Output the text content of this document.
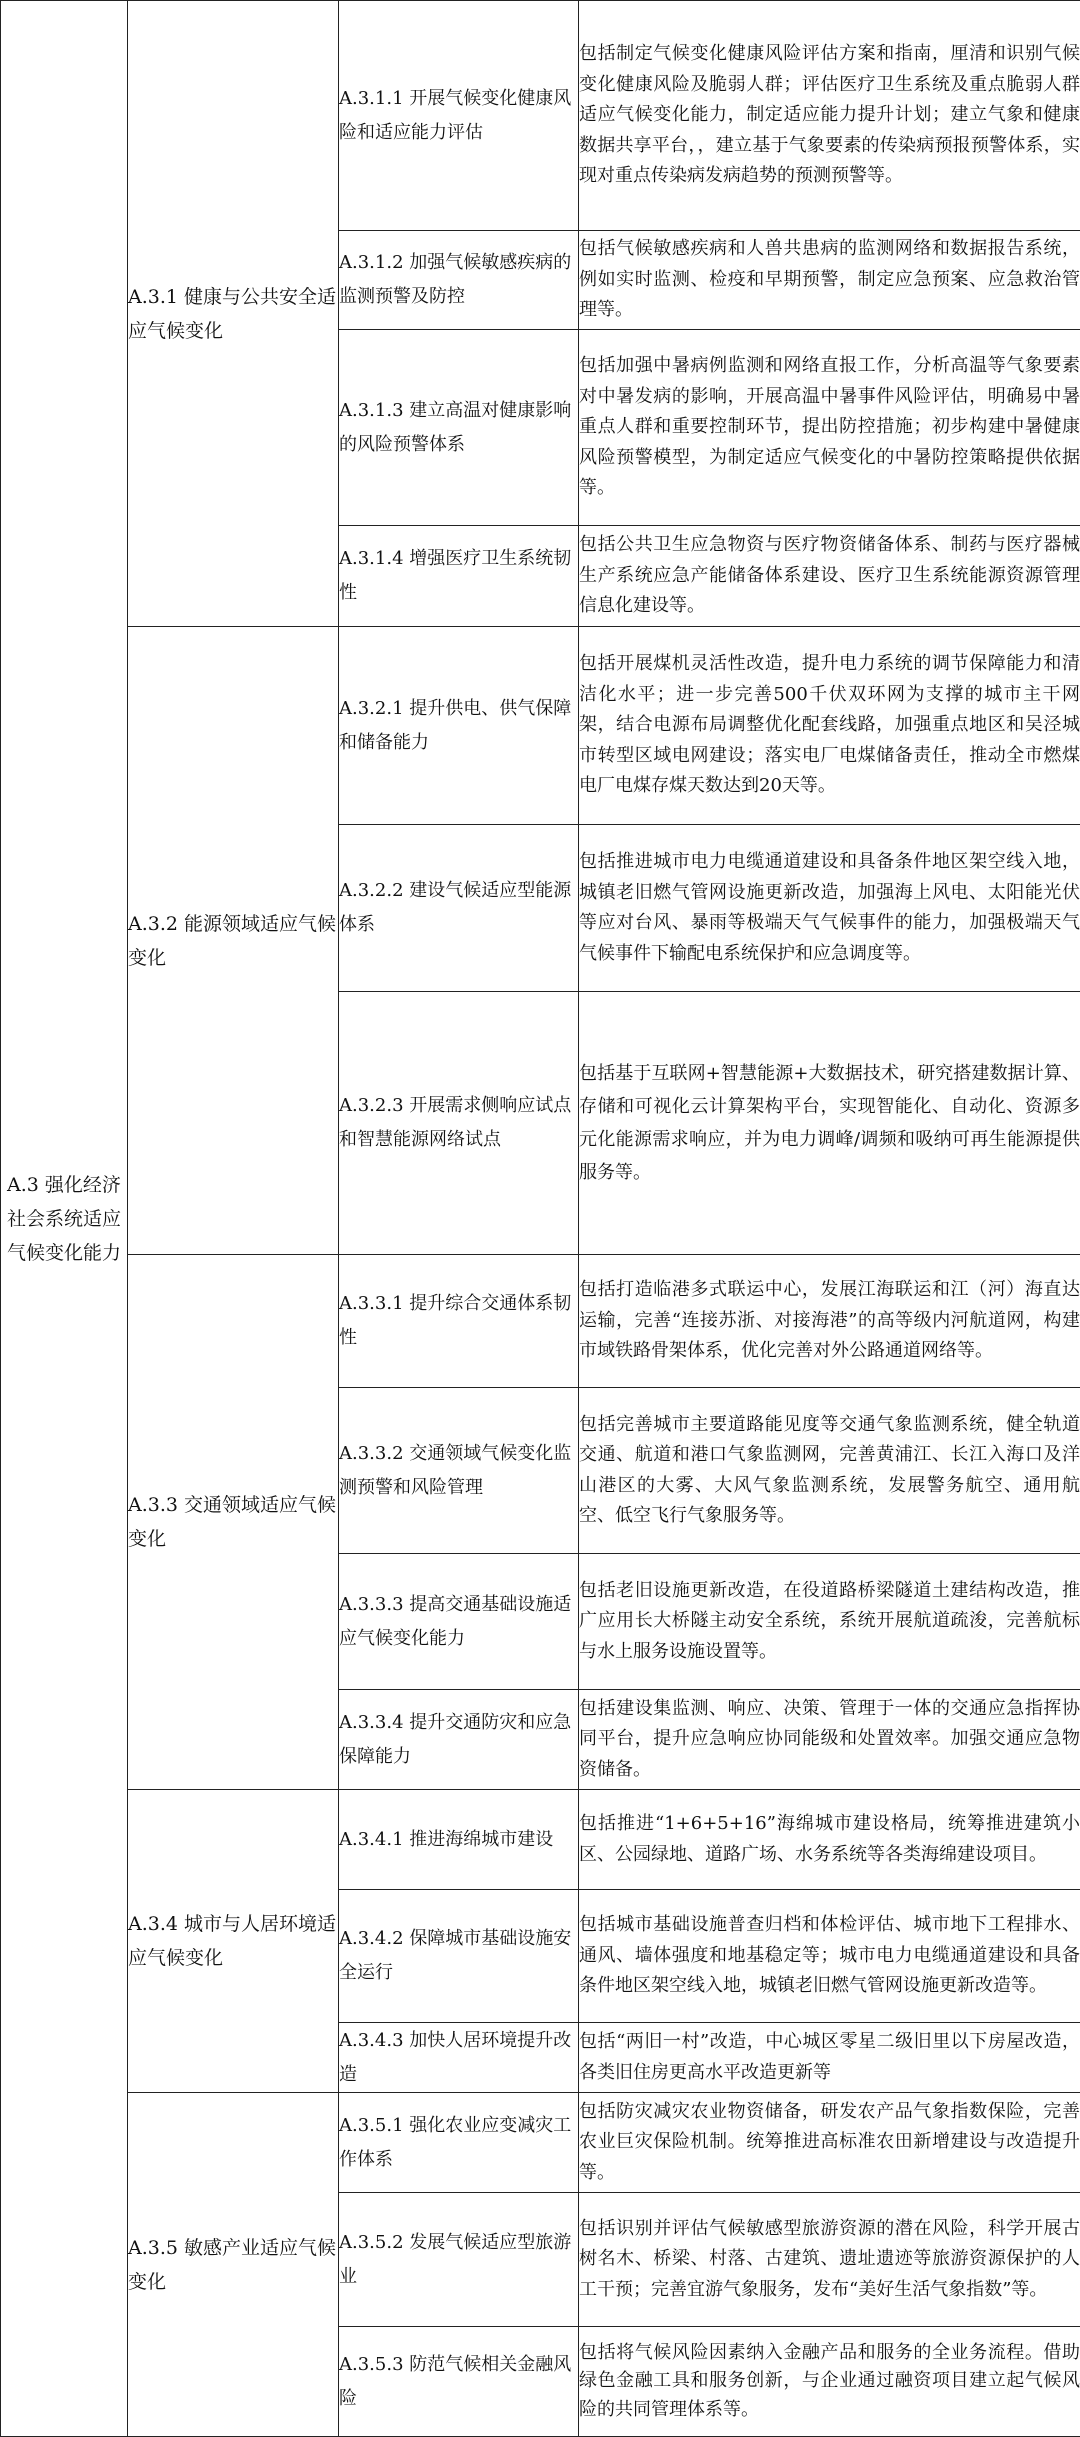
A.3 强化经济社会系统适应气候变化能力	A.3.1 健康与公共安全适应气候变化	A.3.1.1 开展气候变化健康风险和适应能力评估	包括制定气候变化健康风险评估方案和指南，厘清和识别气候变化健康风险及脆弱人群；评估医疗卫生系统及重点脆弱人群适应气候变化能力，制定适应能力提升计划；建立气象和健康数据共享平台，，建立基于气象要素的传染病预报预警体系，实现对重点传染病发病趋势的预测预警等。
		A.3.1.2 加强气候敏感疾病的监测预警及防控	包括气候敏感疾病和人兽共患病的监测网络和数据报告系统，例如实时监测、检疫和早期预警，制定应急预案、应急救治管理等。
		A.3.1.3 建立高温对健康影响的风险预警体系	包括加强中暑病例监测和网络直报工作，分析高温等气象要素对中暑发病的影响，开展高温中暑事件风险评估，明确易中暑重点人群和重要控制环节，提出防控措施；初步构建中暑健康风险预警模型，为制定适应气候变化的中暑防控策略提供依据等。
		A.3.1.4 增强医疗卫生系统韧性	包括公共卫生应急物资与医疗物资储备体系、制药与医疗器械生产系统应急产能储备体系建设、医疗卫生系统能源资源管理信息化建设等。
	A.3.2 能源领域适应气候变化	A.3.2.1 提升供电、供气保障和储备能力	包括开展煤机灵活性改造，提升电力系统的调节保障能力和清洁化水平；进一步完善500千伏双环网为支撑的城市主干网架，结合电源布局调整优化配套线路，加强重点地区和吴泾城市转型区域电网建设；落实电厂电煤储备责任，推动全市燃煤电厂电煤存煤天数达到20天等。
		A.3.2.2 建设气候适应型能源体系	包括推进城市电力电缆通道建设和具备条件地区架空线入地，城镇老旧燃气管网设施更新改造，加强海上风电、太阳能光伏等应对台风、暴雨等极端天气气候事件的能力，加强极端天气气候事件下输配电系统保护和应急调度等。
		A.3.2.3 开展需求侧响应试点和智慧能源网络试点	包括基于互联网+智慧能源+大数据技术，研究搭建数据计算、存储和可视化云计算架构平台，实现智能化、自动化、资源多元化能源需求响应，并为电力调峰/调频和吸纳可再生能源提供服务等。
	A.3.3 交通领域适应气候变化	A.3.3.1 提升综合交通体系韧性	包括打造临港多式联运中心，发展江海联运和江（河）海直达运输，完善“连接苏浙、对接海港”的高等级内河航道网，构建市域铁路骨架体系，优化完善对外公路通道网络等。
		A.3.3.2 交通领域气候变化监测预警和风险管理	包括完善城市主要道路能见度等交通气象监测系统，健全轨道交通、航道和港口气象监测网，完善黄浦江、长江入海口及洋山港区的大雾、大风气象监测系统，发展警务航空、通用航空、低空飞行气象服务等。
		A.3.3.3 提高交通基础设施适应气候变化能力	包括老旧设施更新改造，在役道路桥梁隧道土建结构改造，推广应用长大桥隧主动安全系统，系统开展航道疏浚，完善航标与水上服务设施设置等。
		A.3.3.4 提升交通防灾和应急保障能力	包括建设集监测、响应、决策、管理于一体的交通应急指挥协同平台，提升应急响应协同能级和处置效率。加强交通应急物资储备。
	A.3.4 城市与人居环境适应气候变化	A.3.4.1 推进海绵城市建设	包括推进“1+6+5+16”海绵城市建设格局，统筹推进建筑小区、公园绿地、道路广场、水务系统等各类海绵建设项目。
		A.3.4.2 保障城市基础设施安全运行	包括城市基础设施普查归档和体检评估、城市地下工程排水、通风、墙体强度和地基稳定等；城市电力电缆通道建设和具备条件地区架空线入地，城镇老旧燃气管网设施更新改造等。
		A.3.4.3 加快人居环境提升改造	包括“两旧一村”改造，中心城区零星二级旧里以下房屋改造，各类旧住房更高水平改造更新等
	A.3.5 敏感产业适应气候变化	A.3.5.1 强化农业应变减灾工作体系	包括防灾减灾农业物资储备，研发农产品气象指数保险，完善农业巨灾保险机制。统筹推进高标准农田新增建设与改造提升等。
		A.3.5.2 发展气候适应型旅游业	包括识别并评估气候敏感型旅游资源的潜在风险，科学开展古树名木、桥梁、村落、古建筑、遗址遗迹等旅游资源保护的人工干预；完善宜游气象服务，发布“美好生活气象指数”等。
		A.3.5.3 防范气候相关金融风险	包括将气候风险因素纳入金融产品和服务的全业务流程。借助绿色金融工具和服务创新，与企业通过融资项目建立起气候风险的共同管理体系等。
